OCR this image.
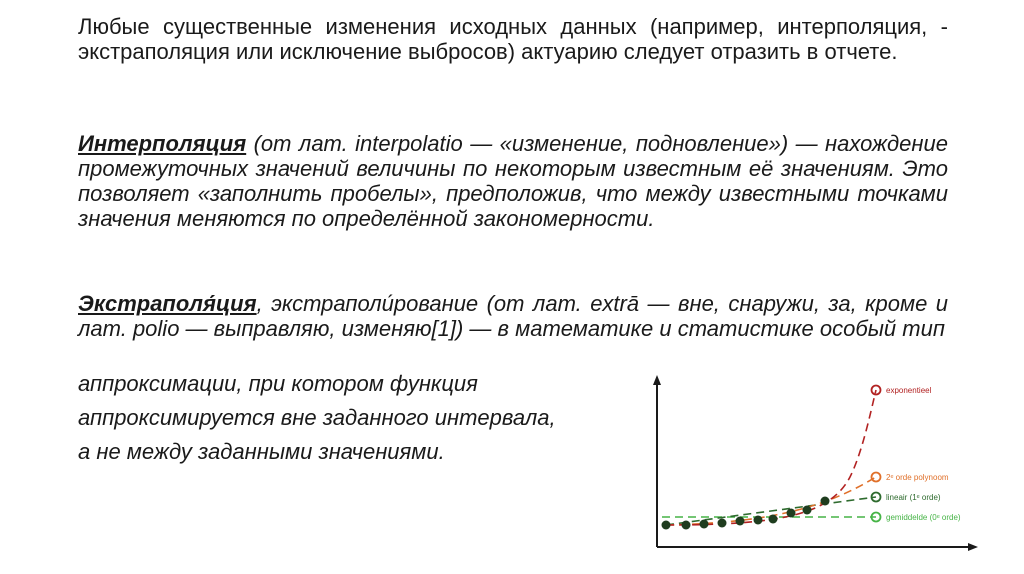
Любые существенные изменения исходных данных (например, интерполяция, - экстраполяция или исключение выбросов) актуарию следует отразить в отчете.
Интерполяция (от лат. interpolatio — «изменение, подновление») — нахождение промежуточных значений величины по некоторым известным её значениям. Это позволяет «заполнить пробелы», предположив, что между известными точками значения меняются по определённой закономерности.
Экстраполя́ция, экстраполи́рование (от лат. extrā — вне, снаружи, за, кроме и лат. polio — выправляю, изменяю[1]) — в математике и статистике особый тип
аппроксимации, при котором функция
аппроксимируется вне заданного интервала,
а не между заданными значениями.
exponentieel
2ᵉ orde polynoom
lineair (1ᵉ orde)
gemiddelde (0ᵉ orde)
